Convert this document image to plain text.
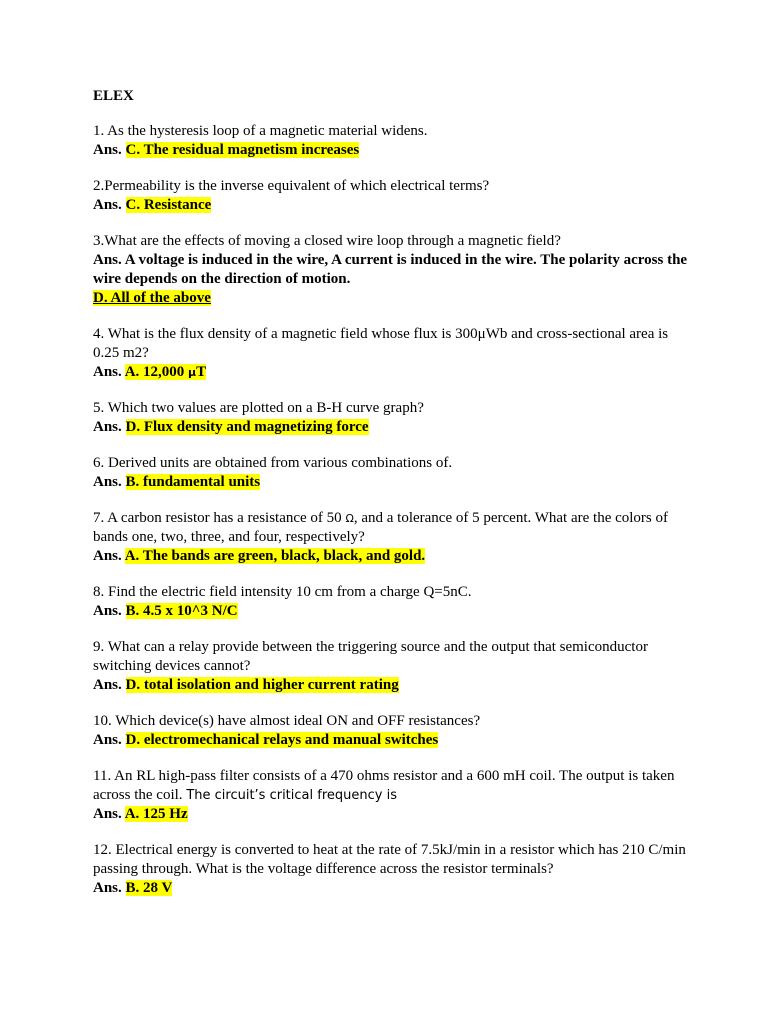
ELEX
1. As the hysteresis loop of a magnetic material widens.
Ans. C. The residual magnetism increases
2.Permeability is the inverse equivalent of which electrical terms?
Ans. C. Resistance
3.What are the effects of moving a closed wire loop through a magnetic field?
Ans. A voltage is induced in the wire, A current is induced in the wire. The polarity across the wire depends on the direction of motion.
D. All of the above
4. What is the flux density of a magnetic field whose flux is 300μWb and cross-sectional area is 0.25 m2?
Ans. A. 12,000 μT
5. Which two values are plotted on a B-H curve graph?
Ans. D. Flux density and magnetizing force
6. Derived units are obtained from various combinations of.
Ans. B. fundamental units
7. A carbon resistor has a resistance of 50 Ω, and a tolerance of 5 percent. What are the colors of bands one, two, three, and four, respectively?
Ans. A. The bands are green, black, black, and gold.
8. Find the electric field intensity 10 cm from a charge Q=5nC.
Ans. B. 4.5 x 10^3 N/C
9. What can a relay provide between the triggering source and the output that semiconductor switching devices cannot?
Ans. D. total isolation and higher current rating
10. Which device(s) have almost ideal ON and OFF resistances?
Ans. D. electromechanical relays and manual switches
11. An RL high-pass filter consists of a 470 ohms resistor and a 600 mH coil. The output is taken across the coil. The circuit’s critical frequency is
Ans. A. 125 Hz
12. Electrical energy is converted to heat at the rate of 7.5kJ/min in a resistor which has 210 C/min passing through. What is the voltage difference across the resistor terminals?
Ans. B. 28 V
